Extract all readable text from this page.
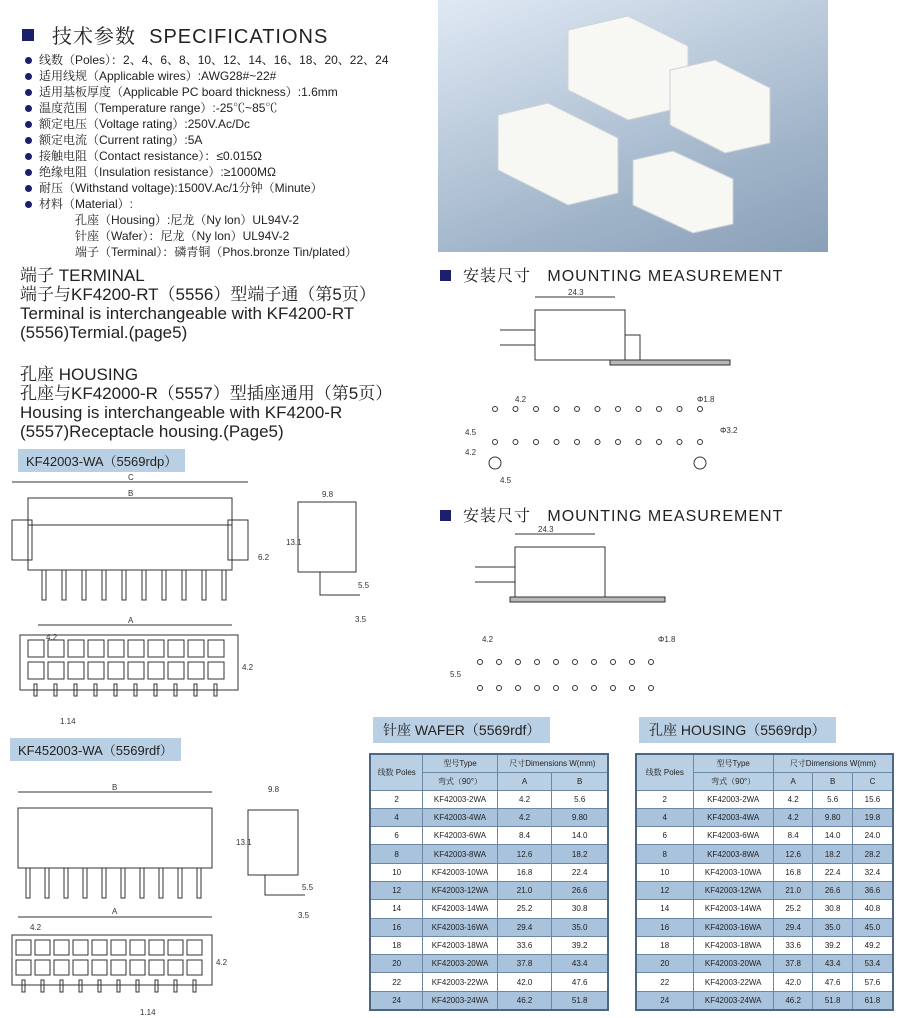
技术参数 SPECIFICATIONS
线数（Poles）：2、4、6、8、10、12、14、16、18、20、22、24
适用线规（Applicable wires）:AWG28#~22#
适用基板厚度（Applicable PC board thickness）:1.6mm
温度范围（Temperature range）:-25℃~85℃
额定电压（Voltage rating）:250V.Ac/Dc
额定电流（Current rating）:5A
接触电阻（Contact resistance）：≤0.015Ω
绝缘电阻（Insulation resistance）:≥1000MΩ
耐压（Withstand voltage):1500V.Ac/1分钟（Minute）
材料（Material）:
孔座（Housing）:尼龙（Ny lon）UL94V-2
针座（Wafer）：尼龙（Ny lon）UL94V-2
端子（Terminal）：磷青铜（Phos.bronze Tin/plated）
端子 TERMINAL
端子与KF4200-RT（5556）型端子通（第5页）
Terminal is interchangeable with KF4200-RT
(5556)Termial.(page5)
孔座 HOUSING
孔座与KF42000-R（5557）型插座通用（第5页）
Housing is interchangeable with KF4200-R
(5557)Receptacle housing.(Page5)
KF42003-WA（5569rdp）
C
B
6.2
9.8
13.1
5.5
3.5
A
4.2
4.2
1.14
KF452003-WA（5569rdf）
B	9.8
13.1
5.5
3.5
A
4.2
4.2
1.14
安装尺寸 MOUNTING MEASUREMENT
24.3
4.2	Φ1.8
4.5
4.2
Φ3.2
4.5
安装尺寸 MOUNTING MEASUREMENT
24.3
4.2	Φ1.8
5.5
针座 WAFER（5569rdf）
线数 Poles	型号Type	尺寸Dimensions W(mm)	
	弯式（90°）	A	B
2	KF42003-2WA	4.2	5.6
4	KF42003-4WA	4.2	9.80
6	KF42003-6WA	8.4	14.0
8	KF42003-8WA	12.6	18.2
10	KF42003-10WA	16.8	22.4
12	KF42003-12WA	21.0	26.6
14	KF42003-14WA	25.2	30.8
16	KF42003-16WA	29.4	35.0
18	KF42003-18WA	33.6	39.2
20	KF42003-20WA	37.8	43.4
22	KF42003-22WA	42.0	47.6
24	KF42003-24WA	46.2	51.8
孔座 HOUSING（5569rdp）
线数 Poles	型号Type	尺寸Dimensions W(mm)		
	弯式（90°）	A	B	C
2	KF42003-2WA	4.2	5.6	15.6
4	KF42003-4WA	4.2	9.80	19.8
6	KF42003-6WA	8.4	14.0	24.0
8	KF42003-8WA	12.6	18.2	28.2
10	KF42003-10WA	16.8	22.4	32.4
12	KF42003-12WA	21.0	26.6	36.6
14	KF42003-14WA	25.2	30.8	40.8
16	KF42003-16WA	29.4	35.0	45.0
18	KF42003-18WA	33.6	39.2	49.2
20	KF42003-20WA	37.8	43.4	53.4
22	KF42003-22WA	42.0	47.6	57.6
24	KF42003-24WA	46.2	51.8	61.8
